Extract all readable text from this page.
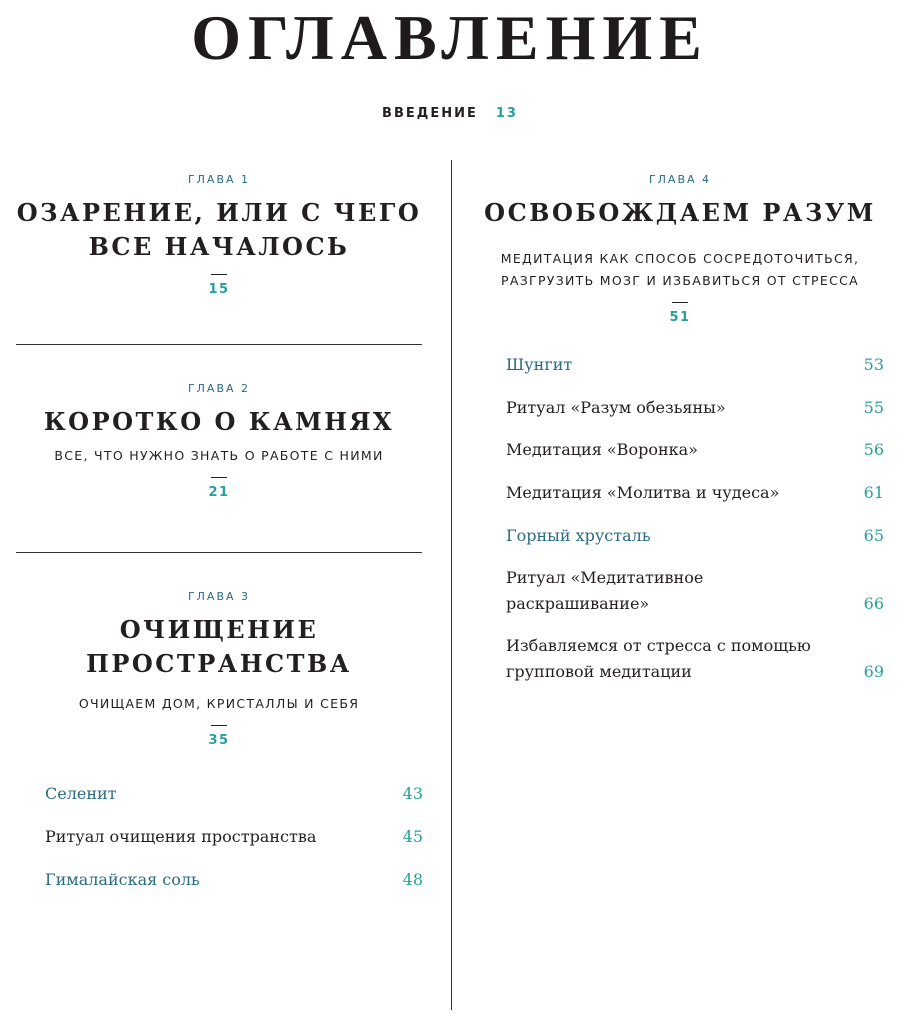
ОГЛАВЛЕНИЕ
ВВЕДЕНИЕ 13
ГЛАВА 1
ОЗАРЕНИЕ, ИЛИ С ЧЕГО
ВСЕ НАЧАЛОСЬ
15
ГЛАВА 2
КОРОТКО О КАМНЯХ
ВСЕ, ЧТО НУЖНО ЗНАТЬ О РАБОТЕ С НИМИ
21
ГЛАВА 3
ОЧИЩЕНИЕ
ПРОСТРАНСТВА
ОЧИЩАЕМ ДОМ, КРИСТАЛЛЫ И СЕБЯ
35
Селенит	43
Ритуал очищения пространства	45
Гималайская соль	48
ГЛАВА 4
ОСВОБОЖДАЕМ РАЗУМ
МЕДИТАЦИЯ КАК СПОСОБ СОСРЕДОТОЧИТЬСЯ,
РАЗГРУЗИТЬ МОЗГ И ИЗБАВИТЬСЯ ОТ СТРЕССА
51
Шунгит	53
Ритуал «Разум обезьяны»	55
Медитация «Воронка»	56
Медитация «Молитва и чудеса»	61
Горный хрусталь	65
Ритуал «Медитативное
раскрашивание»	66
Избавляемся от стресса с помощью
групповой медитации	69
